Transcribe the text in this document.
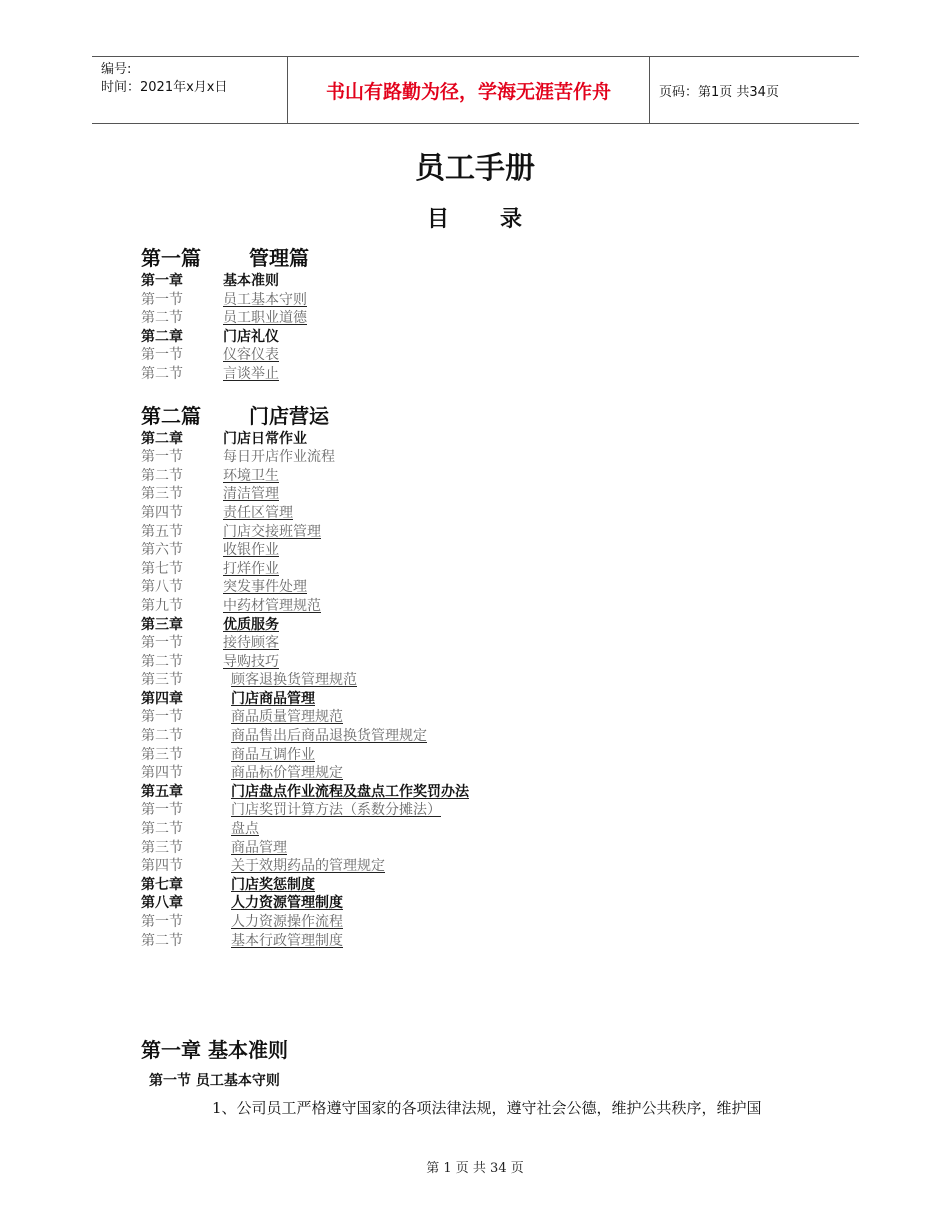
编号:
时间：2021年x月x日	书山有路勤为径，学海无涯苦作舟	页码：第1页 共34页
员工手册
目 录
第一篇 管理篇
第一章	基本准则
第一节	员工基本守则
第二节	员工职业道德
第二章	门店礼仪
第一节	仪容仪表
第二节	言谈举止
第二篇 门店营运
第二章	门店日常作业
第一节	每日开店作业流程
第二节	环境卫生
第三节	清洁管理
第四节	责任区管理
第五节	门店交接班管理
第六节	收银作业
第七节	打烊作业
第八节	突发事件处理
第九节	中药材管理规范
第三章	优质服务
第一节	接待顾客
第二节	导购技巧
第三节	顾客退换货管理规范
第四章	门店商品管理
第一节	商品质量管理规范
第二节	商品售出后商品退换货管理规定
第三节	商品互调作业
第四节	商品标价管理规定
第五章	门店盘点作业流程及盘点工作奖罚办法
第一节	门店奖罚计算方法（系数分摊法）
第二节	盘点
第三节	商品管理
第四节	关于效期药品的管理规定
第七章	门店奖惩制度
第八章	人力资源管理制度
第一节	人力资源操作流程
第二节	基本行政管理制度
第一章 基本准则
第一节 员工基本守则
1、公司员工严格遵守国家的各项法律法规，遵守社会公德，维护公共秩序，维护国
第 1 页 共 34 页
